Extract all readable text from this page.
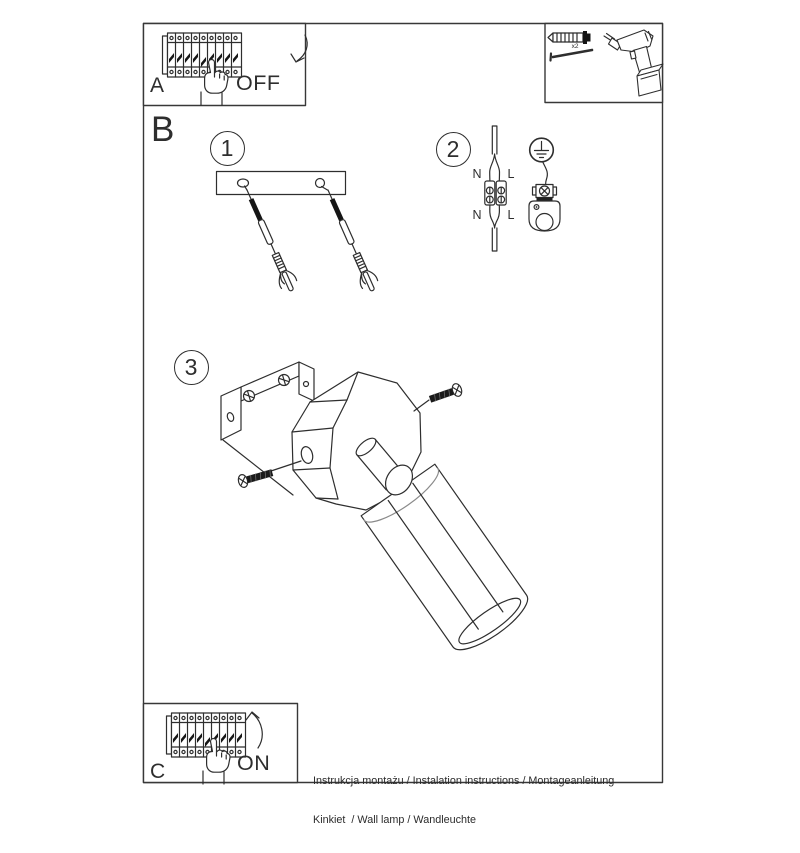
A	OFF
x2
B	1	2
3
N L
N L
C	ON

Instrukcja montażu / Instalation instructions / Montageanleitung

Kinkiet  / Wall lamp / Wandleuchte
